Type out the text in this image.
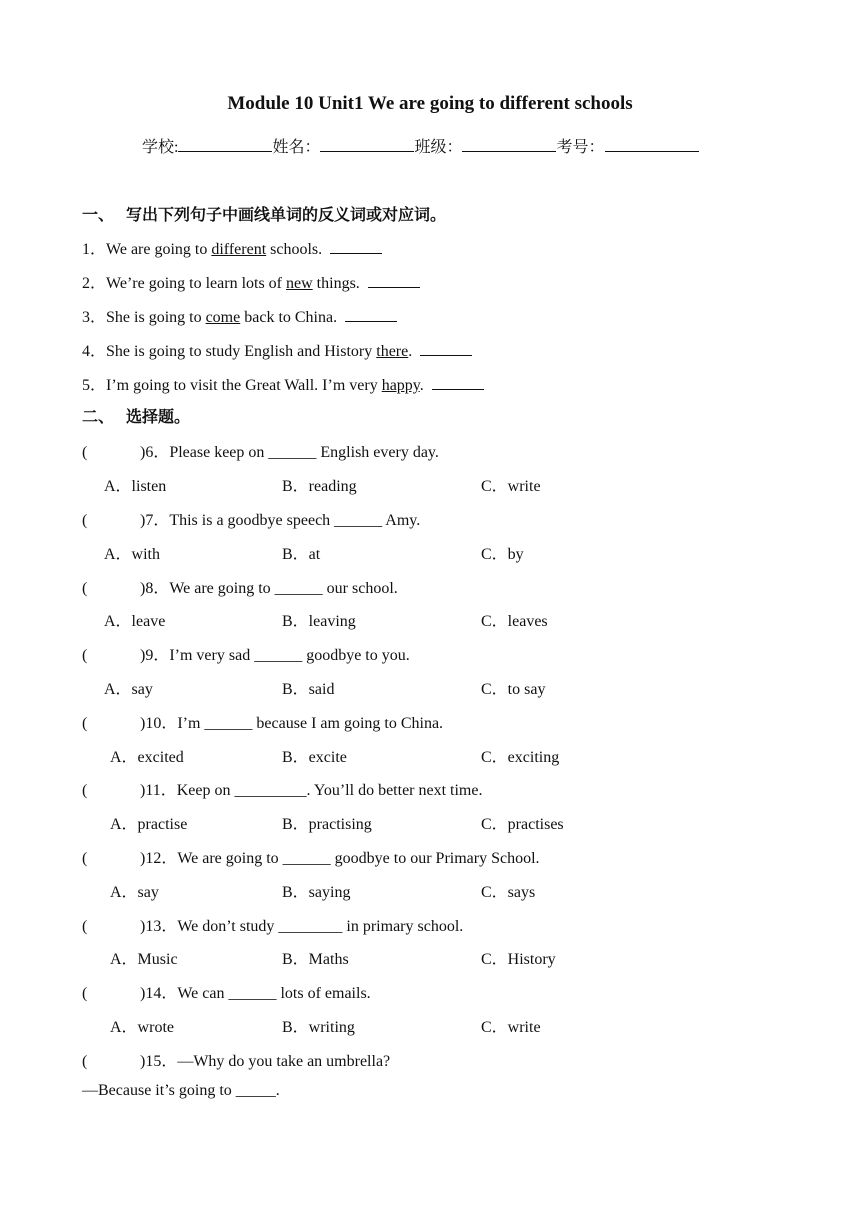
Module 10 Unit1 We are going to different schools
学校:	姓名：	班级：	考号：
一、 写出下列句子中画线单词的反义词或对应词。
1．We are going to different schools.
2．We’re going to learn lots of new things.
3．She is going to come back to China.
4．She is going to study English and History there.
5．I’m going to visit the Great Wall. I’m very happy.
二、 选择题。
(	)6．Please keep on ______ English every day.
A．listen	B．reading	C．write
(	)7．This is a goodbye speech ______ Amy.
A．with	B．at	C．by
(	)8．We are going to ______ our school.
A．leave	B．leaving	C．leaves
(	)9．I’m very sad ______ goodbye to you.
A．say	B．said	C．to say
(	)10．I’m ______ because I am going to China.
A．excited	B．excite	C．exciting
(	)11．Keep on _________. You’ll do better next time.
A．practise	B．practising	C．practises
(	)12．We are going to ______ goodbye to our Primary School.
A．say	B．saying	C．says
(	)13．We don’t study ________ in primary school.
A．Music	B．Maths	C．History
(	)14．We can ______ lots of emails.
A．wrote	B．writing	C．write
(	)15．—Why do you take an umbrella?
—Because it’s going to _____.
